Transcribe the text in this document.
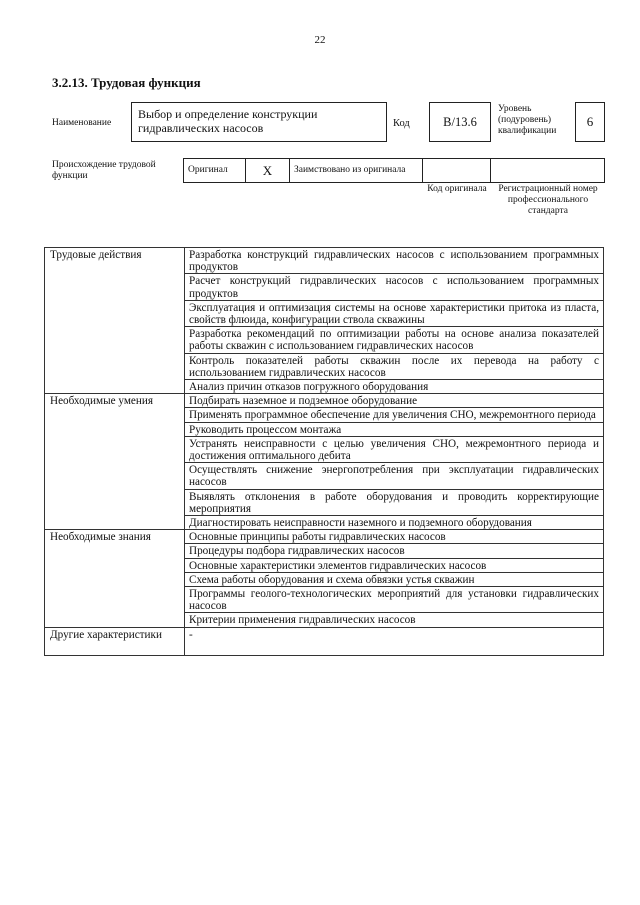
22
3.2.13. Трудовая функция
Наименование
Выбор и определение конструкции гидравлических насосов	Код	B/13.6
Уровень (подуровень) квалификации
6
Происхождение трудовой функции
Оригинал	X	Заимствовано из оригинала		
Код оригинала	Регистрационный номер профессионального стандарта
Трудовые действия	Разработка конструкций гидравлических насосов с использованием программных продуктов
	Расчет конструкций гидравлических насосов с использованием программных продуктов
	Эксплуатация и оптимизация системы на основе характеристики притока из пласта, свойств флюида, конфигурации ствола скважины
	Разработка рекомендаций по оптимизации работы на основе анализа показателей работы скважин с использованием гидравлических насосов
	Контроль показателей работы скважин после их перевода на работу с использованием гидравлических насосов
	Анализ причин отказов погружного оборудования
Необходимые умения	Подбирать наземное и подземное оборудование
	Применять программное обеспечение для увеличения СНО, межремонтного периода
	Руководить процессом монтажа
	Устранять неисправности с целью увеличения СНО, межремонтного периода и достижения оптимального дебита
	Осуществлять снижение энергопотребления при эксплуатации гидравлических насосов
	Выявлять отклонения в работе оборудования и проводить корректирующие мероприятия
	Диагностировать неисправности наземного и подземного оборудования
Необходимые знания	Основные принципы работы гидравлических насосов
	Процедуры подбора гидравлических насосов
	Основные характеристики элементов гидравлических насосов
	Схема работы оборудования и схема обвязки устья скважин
	Программы геолого-технологических мероприятий для установки гидравлических насосов
	Критерии применения гидравлических насосов
Другие характеристики	-
